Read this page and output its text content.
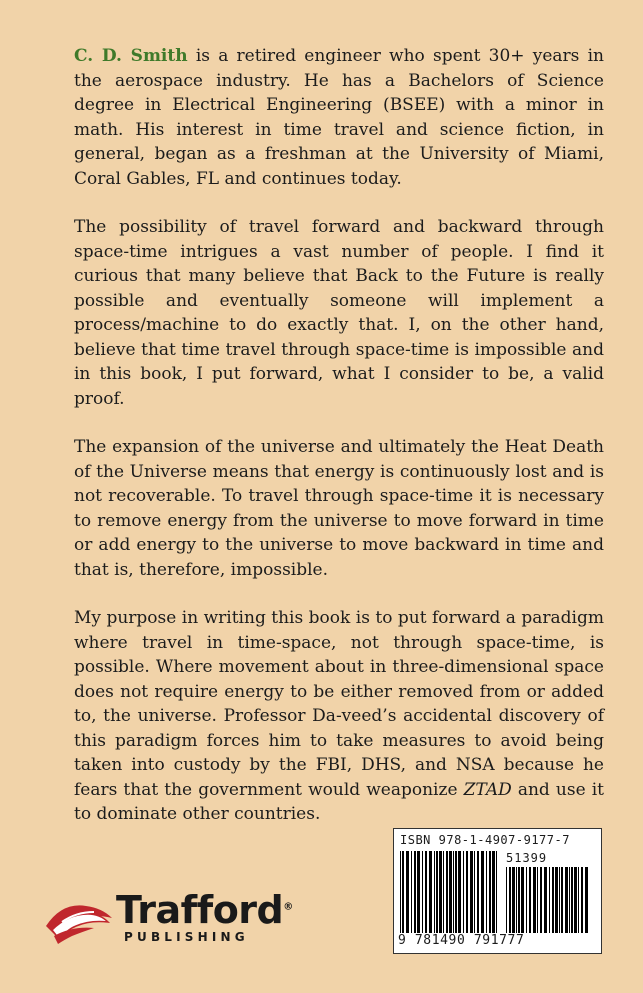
C. D. Smith is a retired engineer who spent 30+ years in the aerospace industry. He has a Bachelors of Science degree in Electrical Engineering (BSEE) with a minor in math. His interest in time travel and science fiction, in general, began as a freshman at the University of Miami, Coral Gables, FL and continues today.

The possibility of travel forward and backward through space-time intrigues a vast number of people. I find it curious that many believe that Back to the Future is really possible and eventually someone will implement a process/machine to do exactly that. I, on the other hand, believe that time travel through space-time is impossible and in this book, I put forward, what I consider to be, a valid proof.

The expansion of the universe and ultimately the Heat Death of the Universe means that energy is continuously lost and is not recoverable. To travel through space-time it is necessary to remove energy from the universe to move forward in time or add energy to the universe to move backward in time and that is, therefore, impossible.

My purpose in writing this book is to put forward a paradigm where travel in time-space, not through space-time, is possible. Where movement about in three-dimensional space does not require energy to be either removed from or added to, the universe. Professor Da-veed’s accidental discovery of this paradigm forces him to take measures to avoid being taken into custody by the FBI, DHS, and NSA because he fears that the government would weaponize ZTAD and use it to dominate other countries.

ISBN 978-1-4907-9177-7
51399
9 781490 791777
Trafford®
PUBLISHING
